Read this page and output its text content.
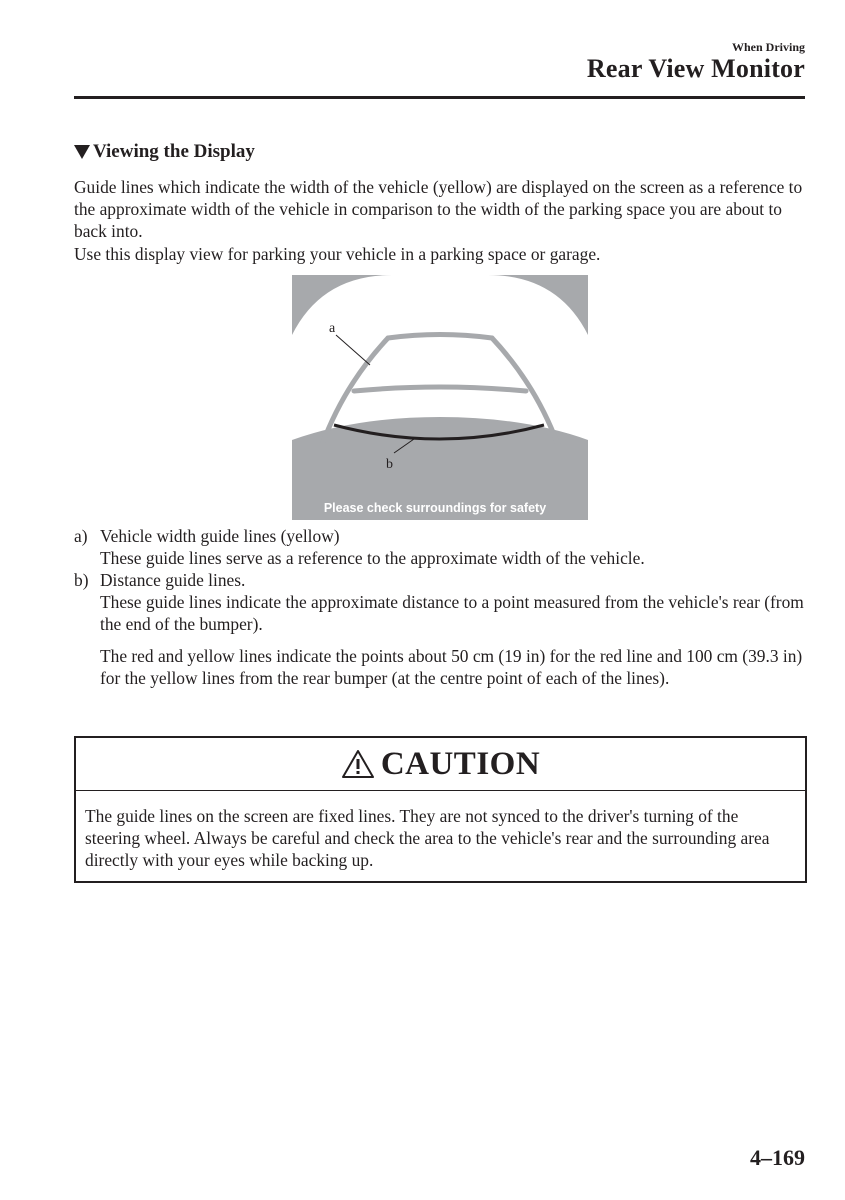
When Driving
Rear View Monitor
Viewing the Display

Guide lines which indicate the width of the vehicle (yellow) are displayed on the screen as a reference to the approximate width of the vehicle in comparison to the width of the parking space you are about to back into.

Use this display view for parking your vehicle in a parking space or garage.

a
b
Please check surroundings for safety
a) Vehicle width guide lines (yellow)
These guide lines serve as a reference to the approximate width of the vehicle.
b) Distance guide lines.
These guide lines indicate the approximate distance to a point measured from the vehicle's rear (from the end of the bumper).
The red and yellow lines indicate the points about 50 cm (19 in) for the red line and 100 cm (39.3 in) for the yellow lines from the rear bumper (at the centre point of each of the lines).
CAUTION
The guide lines on the screen are fixed lines. They are not synced to the driver's turning of the steering wheel. Always be careful and check the area to the vehicle's rear and the surrounding area directly with your eyes while backing up.
4–169
